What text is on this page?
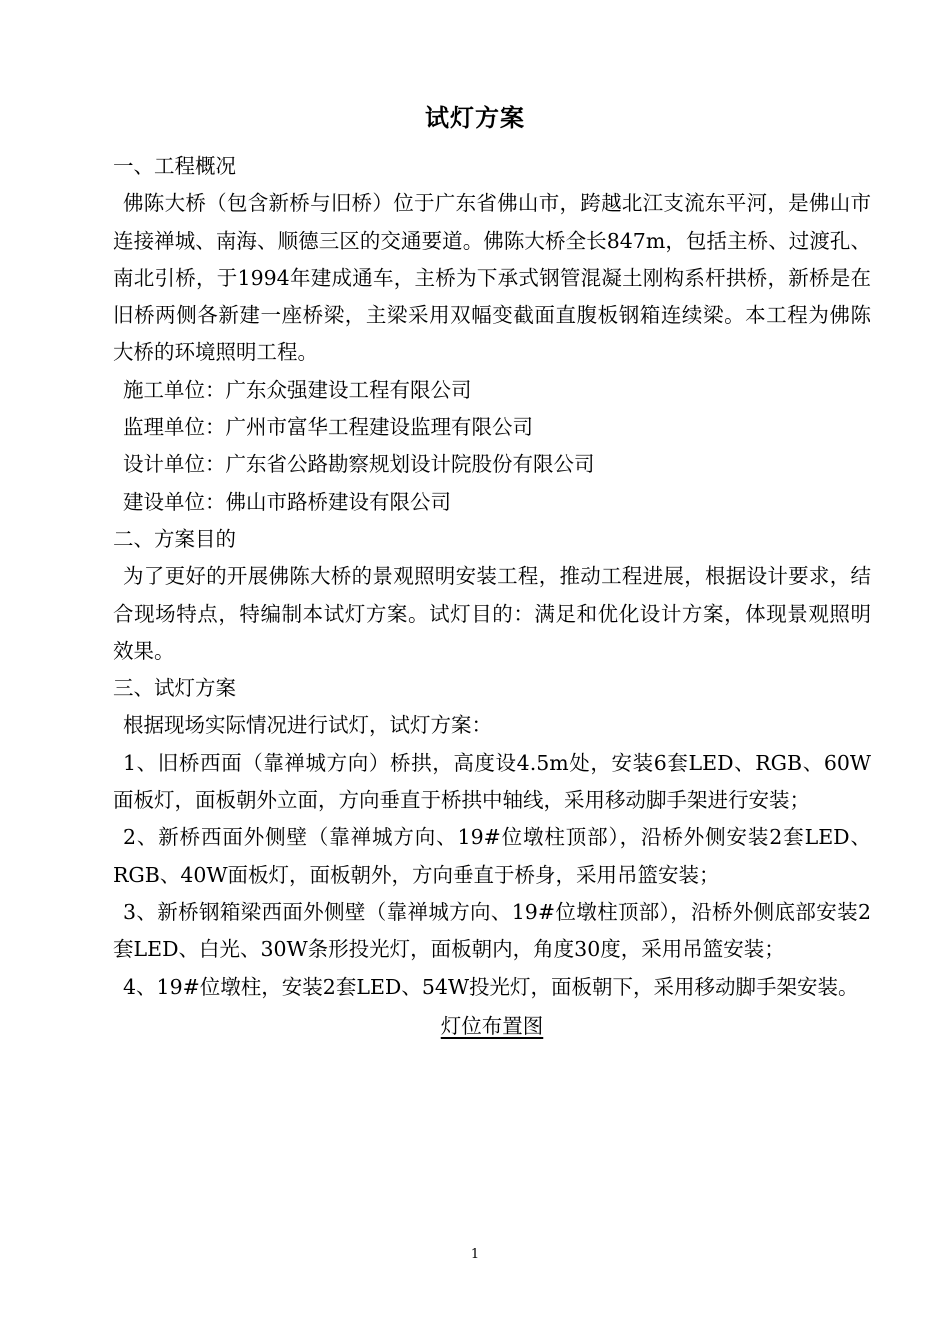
试灯方案

一、工程概况

佛陈大桥（包含新桥与旧桥）位于广东省佛山市，跨越北江支流东平河，是佛山市连接禅城、南海、顺德三区的交通要道。佛陈大桥全长847m，包括主桥、过渡孔、南北引桥，于1994年建成通车，主桥为下承式钢管混凝土刚构系杆拱桥，新桥是在旧桥两侧各新建一座桥梁，主梁采用双幅变截面直腹板钢箱连续梁。本工程为佛陈大桥的环境照明工程。

施工单位：广东众强建设工程有限公司

监理单位：广州市富华工程建设监理有限公司

设计单位：广东省公路勘察规划设计院股份有限公司

建设单位：佛山市路桥建设有限公司

二、方案目的

为了更好的开展佛陈大桥的景观照明安装工程，推动工程进展，根据设计要求，结合现场特点，特编制本试灯方案。试灯目的：满足和优化设计方案，体现景观照明效果。

三、试灯方案

根据现场实际情况进行试灯，试灯方案：

1、旧桥西面（靠禅城方向）桥拱，高度设4.5m处，安装6套LED、RGB、60W面板灯，面板朝外立面，方向垂直于桥拱中轴线，采用移动脚手架进行安装；

2、新桥西面外侧壁（靠禅城方向、19#位墩柱顶部），沿桥外侧安装2套LED、RGB、40W面板灯，面板朝外，方向垂直于桥身，采用吊篮安装；

3、新桥钢箱梁西面外侧壁（靠禅城方向、19#位墩柱顶部），沿桥外侧底部安装2套LED、白光、30W条形投光灯，面板朝内，角度30度，采用吊篮安装；

4、19#位墩柱，安装2套LED、54W投光灯，面板朝下，采用移动脚手架安装。

灯位布置图

1
